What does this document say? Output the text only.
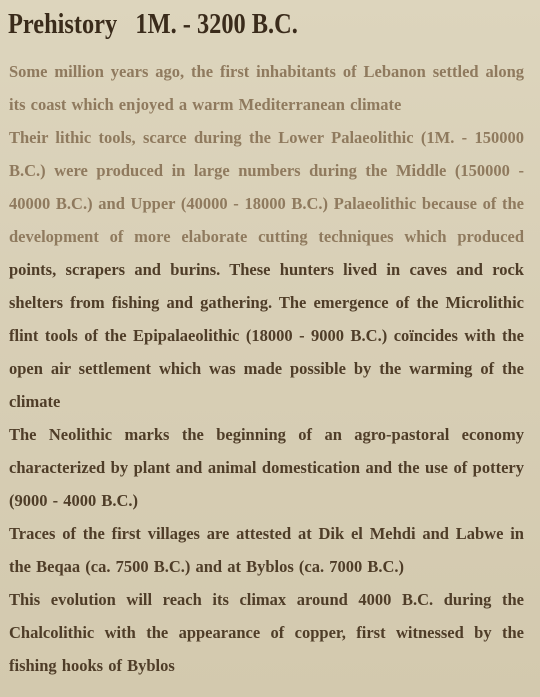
Prehistory   1M. - 3200 B.C.
Some million years ago, the first inhabitants of Lebanon settled along
its coast which enjoyed a warm Mediterranean climate
Their lithic tools, scarce during the Lower Palaeolithic (1M. - 150000
B.C.) were produced in large numbers during the Middle (150000 -
40000 B.C.) and Upper (40000 - 18000 B.C.) Palaeolithic because of the
development of more elaborate cutting techniques which produced
points, scrapers and burins. These hunters lived in caves and rock
shelters from fishing and gathering. The emergence of the Microlithic
flint tools of the Epipalaeolithic (18000 - 9000 B.C.) coïncides with the
open air settlement which was made possible by the warming of the
climate
The Neolithic marks the beginning of an agro-pastoral economy
characterized by plant and animal domestication and the use of pottery
(9000 - 4000 B.C.)
Traces of the first villages are attested at Dik el Mehdi and Labwe in
the Beqaa (ca. 7500 B.C.) and at Byblos (ca. 7000 B.C.)
This evolution will reach its climax around 4000 B.C. during the
Chalcolithic with the appearance of copper, first witnessed by the
fishing hooks of Byblos
